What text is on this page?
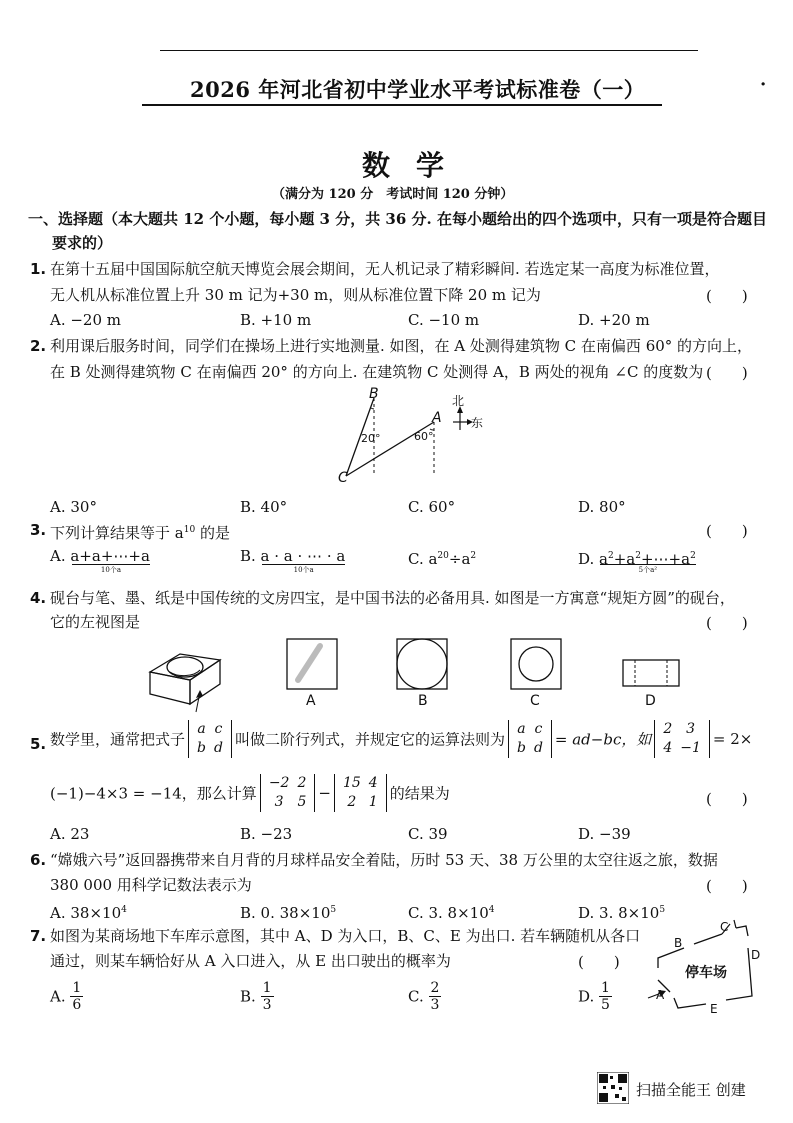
2026 年河北省初中学业水平考试标准卷（一）	·
数学
（满分为 120 分　考试时间 120 分钟）
一、选择题（本大题共 12 个小题，每小题 3 分，共 36 分. 在每小题给出的四个选项中，只有一项是符合题目
要求的）
1. 在第十五届中国国际航空航天博览会展会期间，无人机记录了精彩瞬间. 若选定某一高度为标准位置，
无人机从标准位置上升 30 m 记为+30 m，则从标准位置下降 20 m 记为	(　　)
A. −20 m	B. +10 m	C. −10 m	D. +20 m
2. 利用课后服务时间，同学们在操场上进行实地测量. 如图，在 A 处测得建筑物 C 在南偏西 60° 的方向上，
在 B 处测得建筑物 C 在南偏西 20° 的方向上. 在建筑物 C 处测得 A，B 两处的视角 ∠C 的度数为 (　　)
A. 30°	B. 40°	C. 60°	D. 80°
B
A
C
20°	60°
北
东
3. 下列计算结果等于 $a^{10}$ 的是	(　　)
A. a+a+⋯+a
10个a
B. a · a · ⋯ · a
10个a
C. $a^{20}\div a^2$	D. $a^2+a^2+\cdots+a^2$
5个a²
4. 砚台与笔、墨、纸是中国传统的文房四宝，是中国书法的必备用具. 如图是一方寓意“规矩方圆”的砚台，
它的左视图是	(　　)
A	B	C	D
5. 数学里，通常把式子
a	c
b	d 叫做二阶行列式，并规定它的运算法则为
a	c
b	d = ad−bc，如
2	3
4	−1 = 2×
(−1)−4×3 = −14，那么计算
−2	2
3	5 −
15	4
2	1 的结果为	(　　)
A. 23	B. −23	C. 39	D. −39
6. “嫦娥六号”返回器携带来自月背的月球样品安全着陆，历时 53 天、38 万公里的太空往返之旅，数据
380 000 用科学记数法表示为	(　　)
A. $38\times 10^4$	B. 0. $38\times 10^5$	C. 3. $8\times 10^4$	D. 3. $8\times 10^5$
7. 如图为某商场地下车库示意图，其中 A、D 为入口，B、C、E 为出口. 若车辆随机从各口
通过，则某车辆恰好从 A 入口进入，从 E 出口驶出的概率为	(　　)
A. $\frac{1}{6}$	B. $\frac{1}{3}$	C. $\frac{2}{3}$	D. $\frac{1}{5}$
停车场
A
B
C
D
E
扫描全能王 创建
